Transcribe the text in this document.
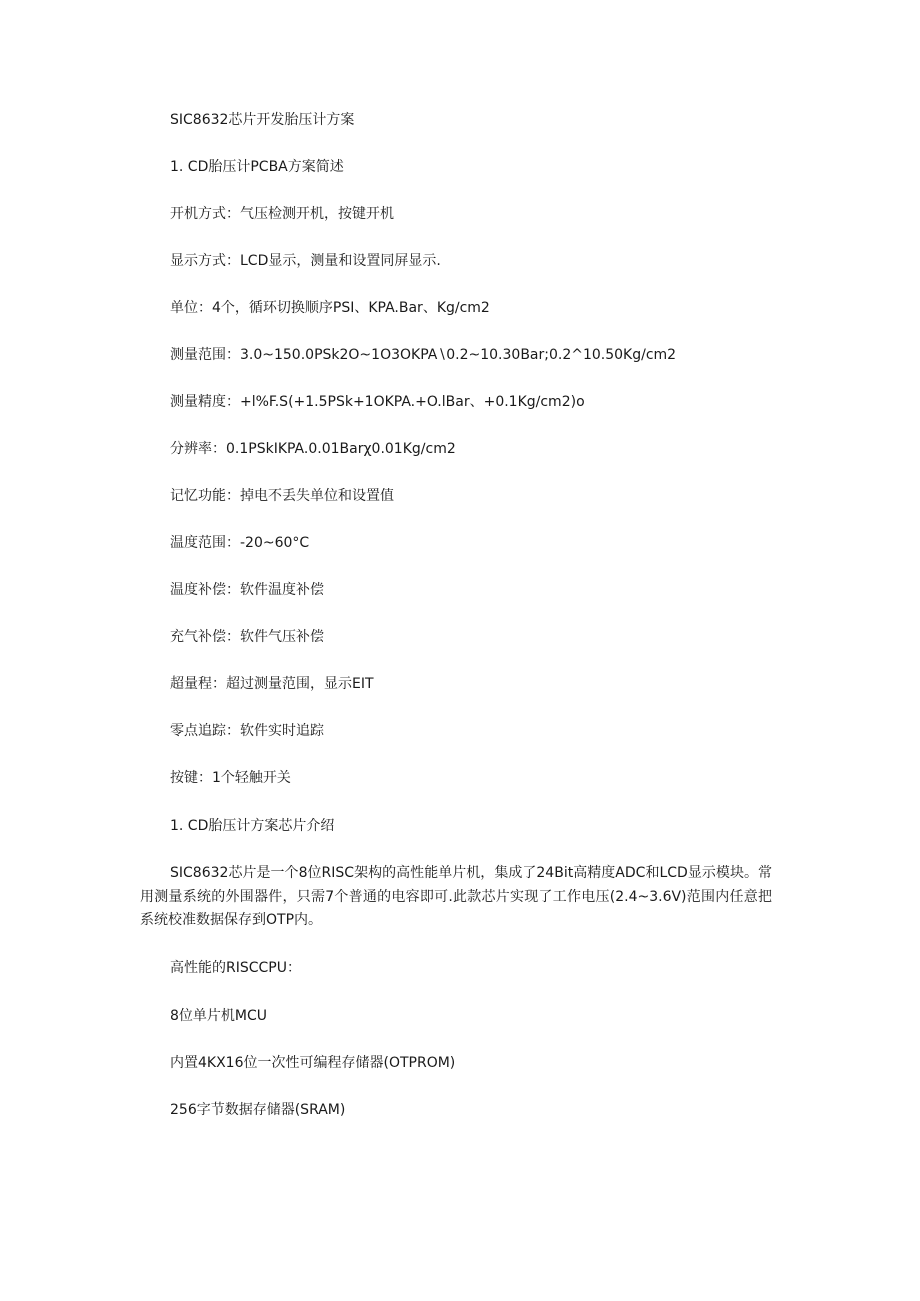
SIC8632芯片开发胎压计方案

1. CD胎压计PCBA方案简述

开机方式：气压检测开机，按键开机

显示方式：LCD显示，测量和设置同屏显示.

单位：4个，循环切换顺序PSI、KPA.Bar、Kg∕cm2

测量范围：3.0~150.0PSk2O~1O3OKPA∖0.2~10.30Bar;0.2^10.50Kg/cm2

测量精度：+l%F.S(+1.5PSk+1OKPA.+O.lBar、+0.1Kg∕cm2)o

分辨率：0.1PSkIKPA.0.01Barχ0.01Kg∕cm2

记忆功能：掉电不丢失单位和设置值

温度范围：-20~60°C

温度补偿：软件温度补偿

充气补偿：软件气压补偿

超量程：超过测量范围，显示EIT

零点追踪：软件实时追踪

按键：1个轻触开关

1. CD胎压计方案芯片介绍

SIC8632芯片是一个8位RISC架构的高性能单片机，集成了24Bit高精度ADC和LCD显示模块。常用测量系统的外围器件，只需7个普通的电容即可.此款芯片实现了工作电压(2.4~3.6V)范围内任意把系统校准数据保存到OTP内。

高性能的RISCCPU：

8位单片机MCU

内置4KX16位一次性可编程存储器(OTPROM)

256字节数据存储器(SRAM)
